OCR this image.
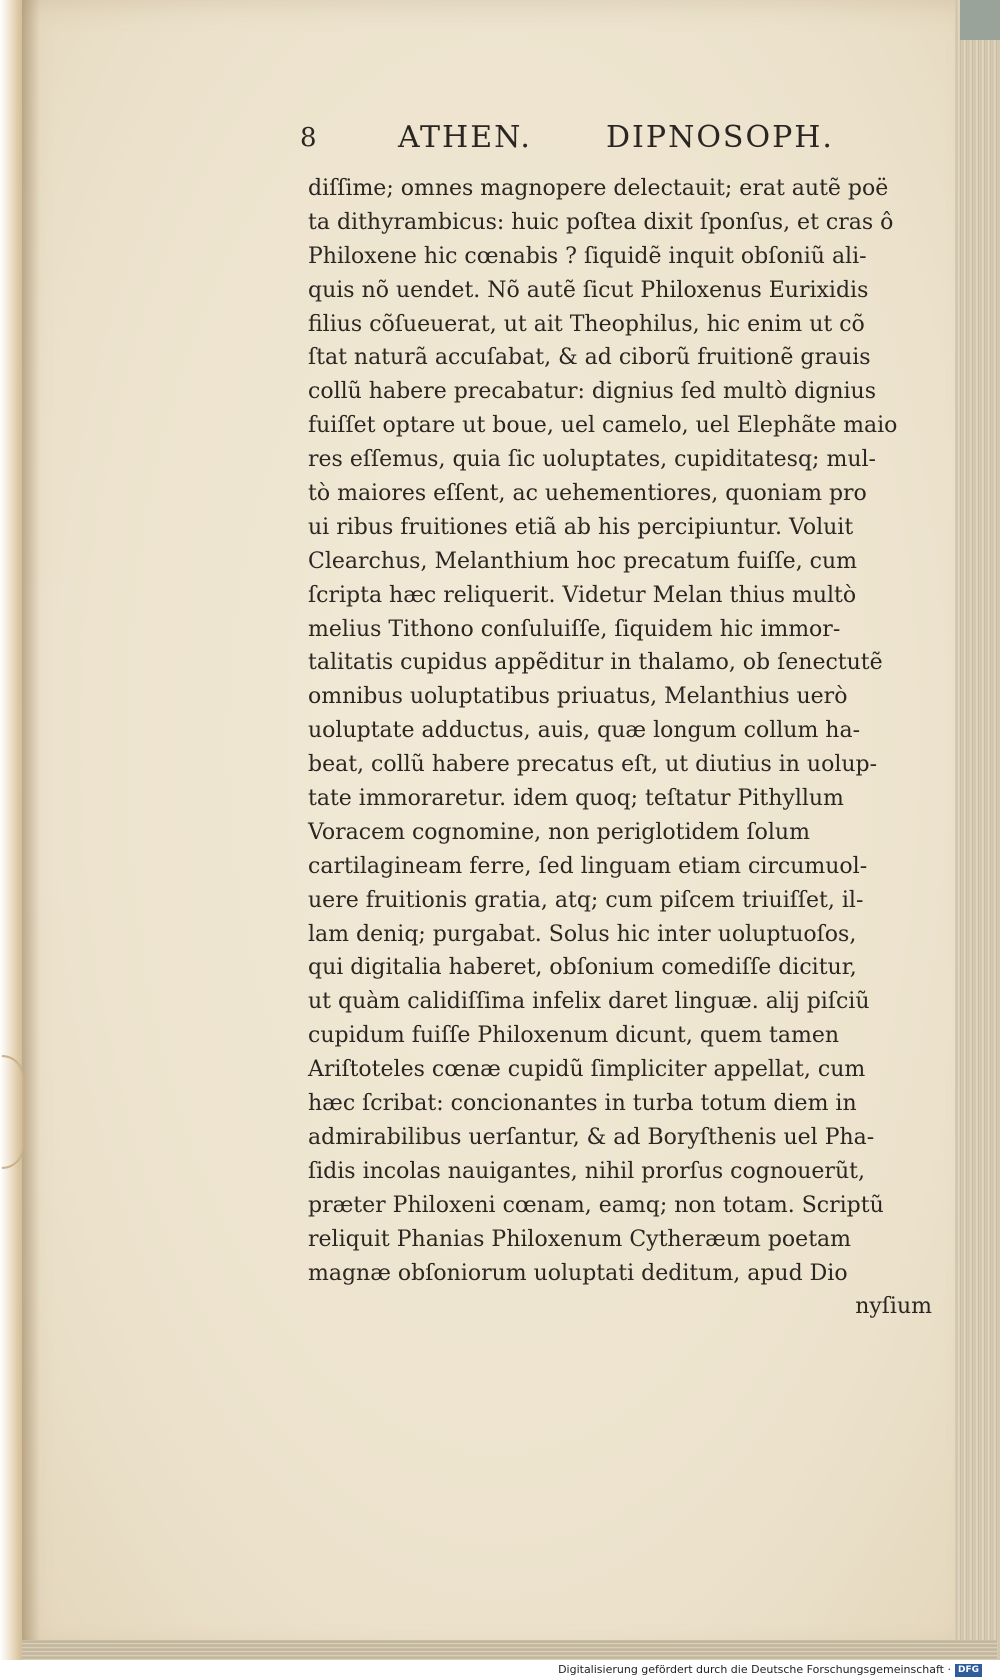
8	ATHEN. DIPNOSOPH.
diſſime; omnes magnopere delectauit; erat autẽ poë
ta dithyrambicus: huic poſtea dixit ſponſus, et cras ô
Philoxene hic cœnabis ? ſiquidẽ inquit obſoniũ ali-
quis nõ uendet. Nõ autẽ ſicut Philoxenus Eurixidis
filius cõſueuerat, ut ait Theophilus, hic enim ut cõ
ſtat naturã accuſabat, & ad ciborũ fruitionẽ grauis
collũ habere precabatur: dignius ſed multò dignius
fuiſſet optare ut boue, uel camelo, uel Elephãte maio
res eſſemus, quia ſic uoluptates, cupiditatesq; mul-
tò maiores eſſent, ac uehementiores, quoniam pro
ui ribus fruitiones etiã ab his percipiuntur. Voluit
Clearchus, Melanthium hoc precatum fuiſſe, cum
ſcripta hæc reliquerit. Videtur Melan thius multò
melius Tithono conſuluiſſe, ſiquidem hic immor-
talitatis cupidus appẽditur in thalamo, ob ſenectutẽ
omnibus uoluptatibus priuatus, Melanthius uerò
uoluptate adductus, auis, quæ longum collum ha-
beat, collũ habere precatus eſt, ut diutius in uolup-
tate immoraretur. idem quoq; teſtatur Pithyllum
Voracem cognomine, non periglotidem ſolum
cartilagineam ferre, ſed linguam etiam circumuol-
uere fruitionis gratia, atq; cum piſcem triuiſſet, il-
lam deniq; purgabat. Solus hic inter uoluptuoſos,
qui digitalia haberet, obſonium comediſſe dicitur,
ut quàm calidiſſima infelix daret linguæ. alij piſciũ
cupidum fuiſſe Philoxenum dicunt, quem tamen
Ariſtoteles cœnæ cupidũ ſimpliciter appellat, cum
hæc ſcribat: concionantes in turba totum diem in
admirabilibus uerſantur, & ad Boryſthenis uel Pha-
ſidis incolas nauigantes, nihil prorſus cognouerũt,
præter Philoxeni cœnam, eamq; non totam. Scriptũ
reliquit Phanias Philoxenum Cytheræum poetam
magnæ obſoniorum uoluptati deditum, apud Dio
nyſium
Digitalisierung gefördert durch die Deutsche Forschungsgemeinschaft · DFG
